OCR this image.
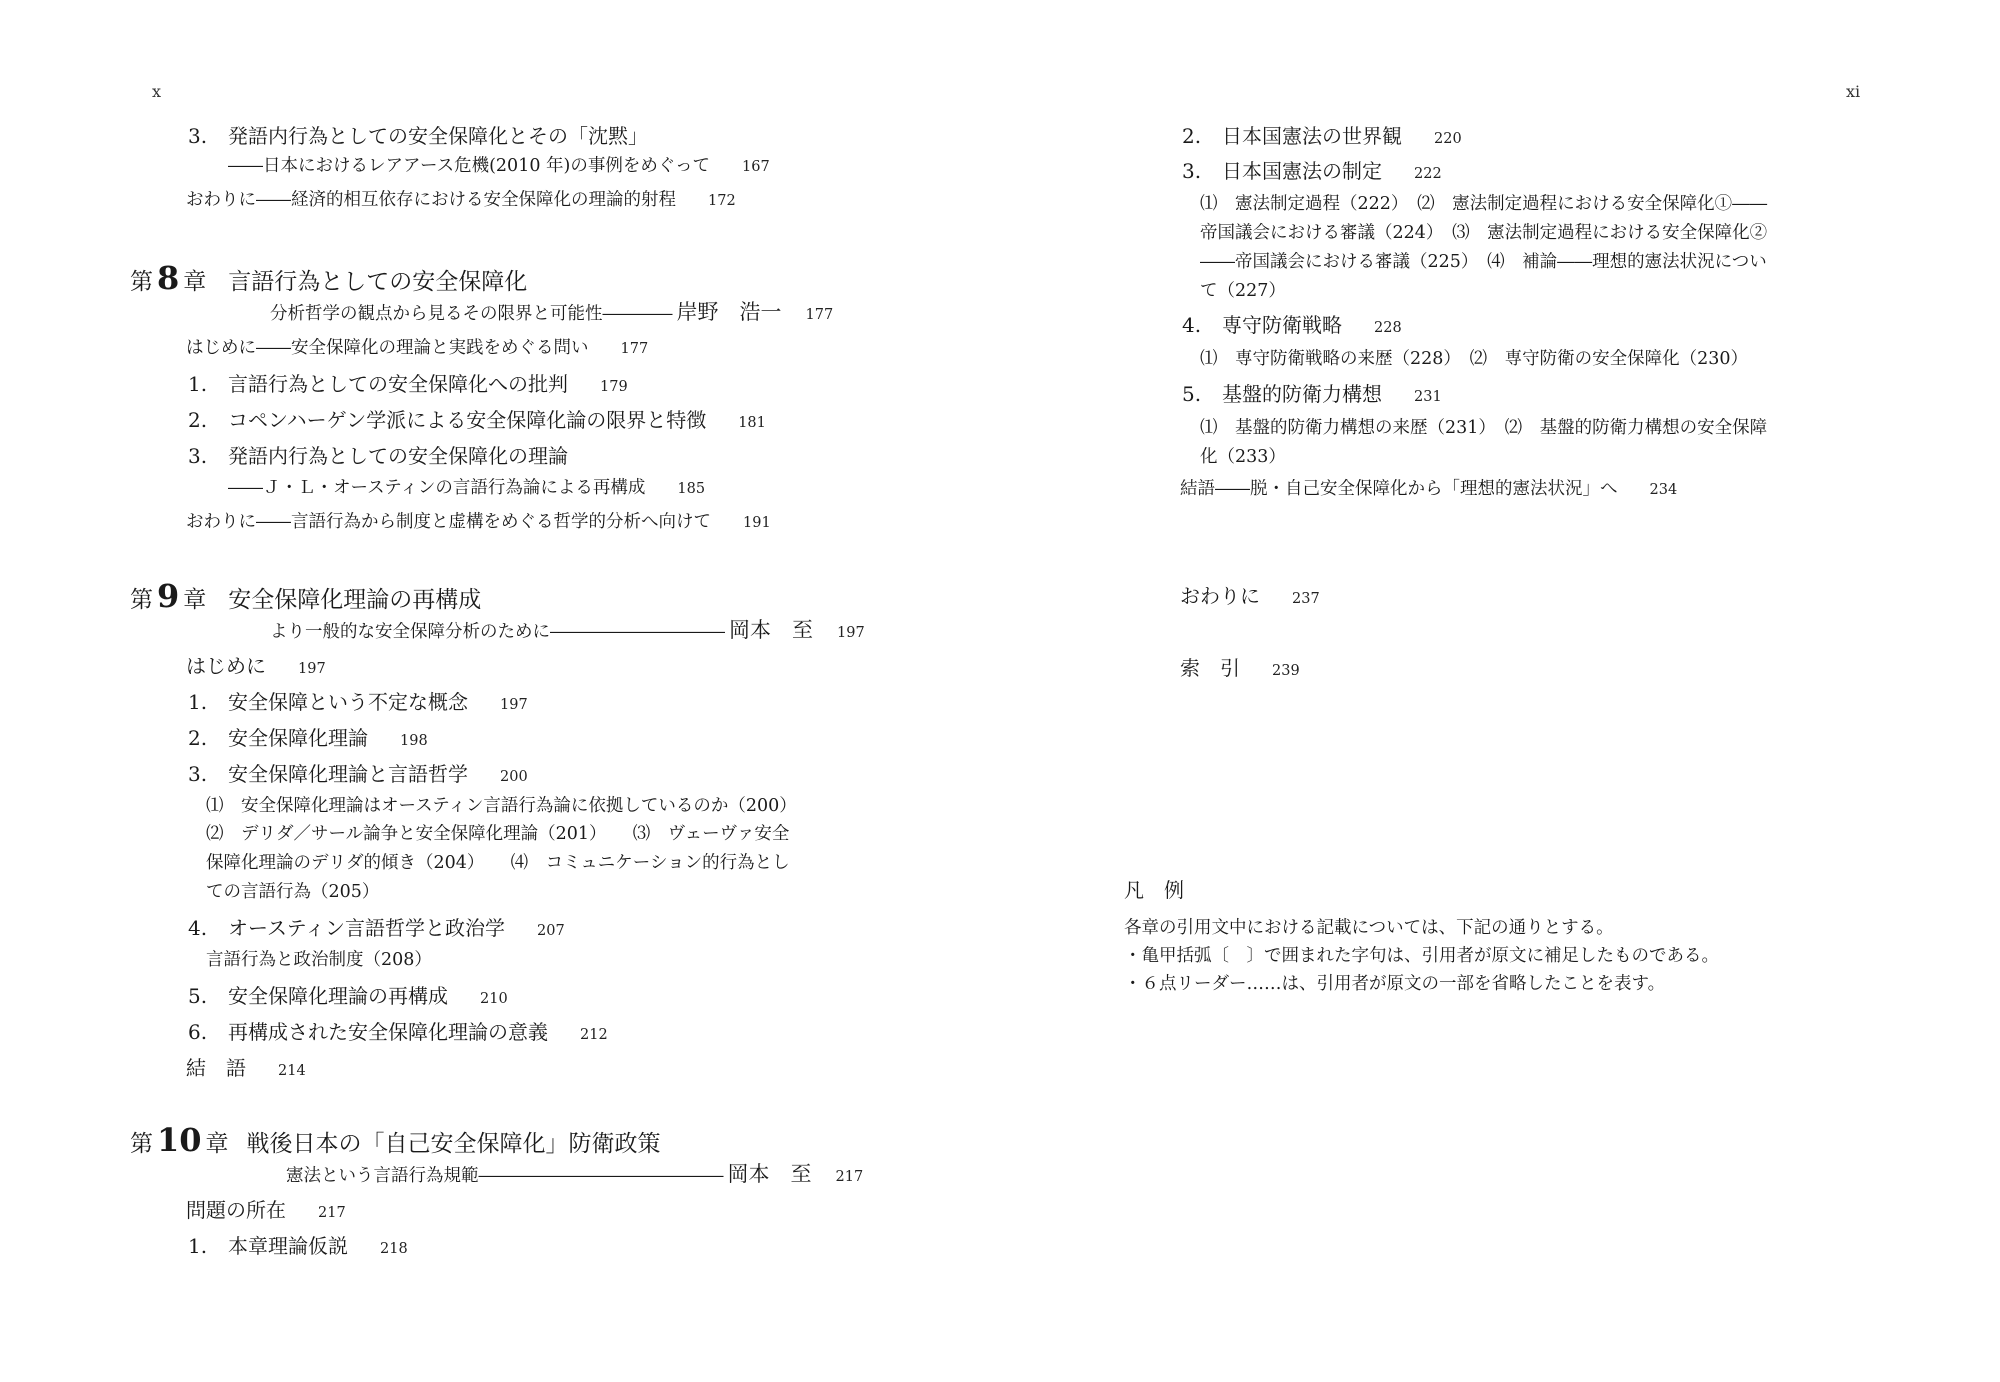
x
3. 発語内行為としての安全保障化とその「沈黙」
――日本におけるレアアース危機(2010 年)の事例をめぐって 167
おわりに――経済的相互依存における安全保障化の理論的射程 172
第 8 章 言語行為としての安全保障化
分析哲学の観点から見るその限界と可能性―――― 岸野　浩一 177
はじめに――安全保障化の理論と実践をめぐる問い 177
1. 言語行為としての安全保障化への批判 179
2. コペンハーゲン学派による安全保障化論の限界と特徴 181
3. 発語内行為としての安全保障化の理論
――Ｊ・Ｌ・オースティンの言語行為論による再構成 185
おわりに――言語行為から制度と虚構をめぐる哲学的分析へ向けて 191
第 9 章 安全保障化理論の再構成
より一般的な安全保障分析のために―――――――――― 岡本　至 197
はじめに 197
1. 安全保障という不定な概念 197
2. 安全保障化理論 198
3. 安全保障化理論と言語哲学 200
⑴　安全保障化理論はオースティン言語行為論に依拠しているのか（200）
⑵　デリダ／サール論争と安全保障化理論（201）　　⑶　ヴェーヴァ安全
保障化理論のデリダ的傾き（204）　　⑷　コミュニケーション的行為とし
ての言語行為（205）
4. オースティン言語哲学と政治学 207
言語行為と政治制度（208）
5. 安全保障化理論の再構成 210
6. 再構成された安全保障化理論の意義 212
結　語 214
第 10 章 戦後日本の「自己安全保障化」防衛政策
憲法という言語行為規範―――――――――――――― 岡本　至 217
問題の所在 217
1. 本章理論仮説 218
xi
2. 日本国憲法の世界観 220
3. 日本国憲法の制定 222
⑴　憲法制定過程（222）　⑵　憲法制定過程における安全保障化①――
帝国議会における審議（224）　⑶　憲法制定過程における安全保障化②
――帝国議会における審議（225）　⑷　補論――理想的憲法状況につい
て（227）
4. 専守防衛戦略 228
⑴　専守防衛戦略の来歴（228）　⑵　専守防衛の安全保障化（230）
5. 基盤的防衛力構想 231
⑴　基盤的防衛力構想の来歴（231）　⑵　基盤的防衛力構想の安全保障
化（233）
結語――脱・自己安全保障化から「理想的憲法状況」へ 234
おわりに 237
索　引 239
凡　例
各章の引用文中における記載については、下記の通りとする。
・亀甲括弧〔　〕で囲まれた字句は、引用者が原文に補足したものである。
・６点リーダー……は、引用者が原文の一部を省略したことを表す。
